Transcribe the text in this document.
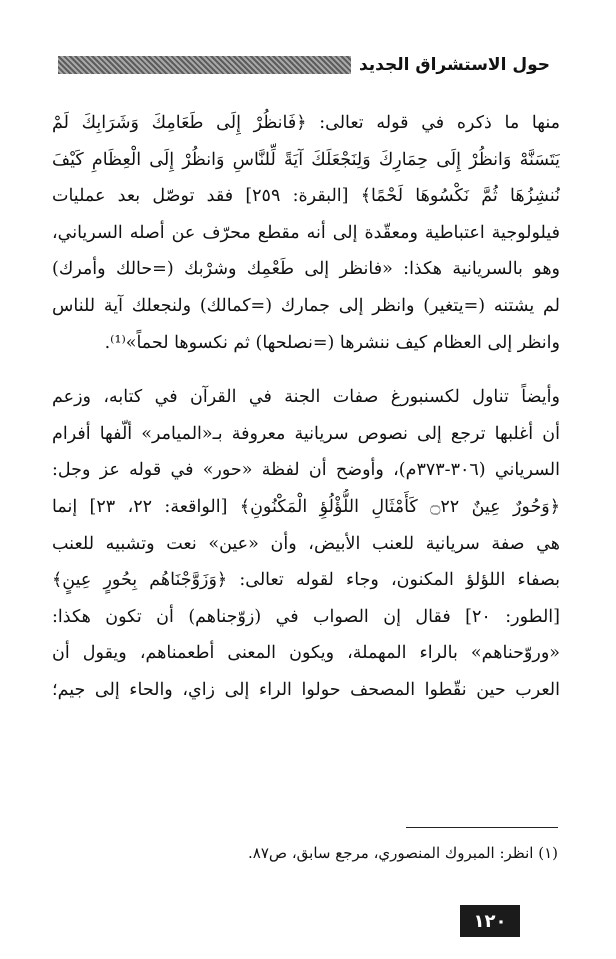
حول الاستشراق الجديد

منها ما ذكره في قوله تعالى: ﴿فَانظُرْ إِلَى طَعَامِكَ وَشَرَابِكَ لَمْ
يَتَسَنَّهْ وَانظُرْ إِلَى حِمَارِكَ وَلِنَجْعَلَكَ آيَةً لِّلنَّاسِ وَانظُرْ إِلَى الْعِظَامِ كَيْفَ
نُنشِزُهَا ثُمَّ نَكْسُوهَا لَحْمًا﴾ [البقرة: ٢٥٩] فقد توصّل بعد عمليات
فيلولوجية اعتباطية ومعقّدة إلى أنه مقطع محرّف عن أصله السرياني،
وهو بالسريانية هكذا: «فانظر إلى طَعْمِك وشرْبك (=حالك وأمرك)
لم يشتنه (=يتغير) وانظر إلى جمارك (=كمالك) ولنجعلك آية للناس
وانظر إلى العظام كيف ننشرها (=نصلحها) ثم نكسوها لحماً»⁽¹⁾.

وأيضاً تناول لكسنبورغ صفات الجنة في القرآن في كتابه، وزعم
أن أغلبها ترجع إلى نصوص سريانية معروفة بـ«الميامر» ألّفها أفرام
السرياني (٣٠٦-٣٧٣م)، وأوضح أن لفظة «حور» في قوله عز وجل:
﴿وَحُورٌ عِينٌ ۝٢٢ كَأَمْثَالِ اللُّؤْلُؤِ الْمَكْنُونِ﴾ [الواقعة: ٢٢، ٢٣] إنما
هي صفة سريانية للعنب الأبيض، وأن «عين» نعت وتشبيه للعنب
بصفاء اللؤلؤ المكنون، وجاء لقوله تعالى: ﴿وَزَوَّجْنَاهُم بِحُورٍ عِينٍ﴾
[الطور: ٢٠] فقال إن الصواب في (زوّجناهم) أن تكون هكذا:
«وروّحناهم» بالراء المهملة، ويكون المعنى أطعمناهم، ويقول أن
العرب حين نقّطوا المصحف حولوا الراء إلى زاي، والحاء إلى جيم؛

(١) انظر: المبروك المنصوري، مرجع سابق، ص٨٧.
١٢٠
